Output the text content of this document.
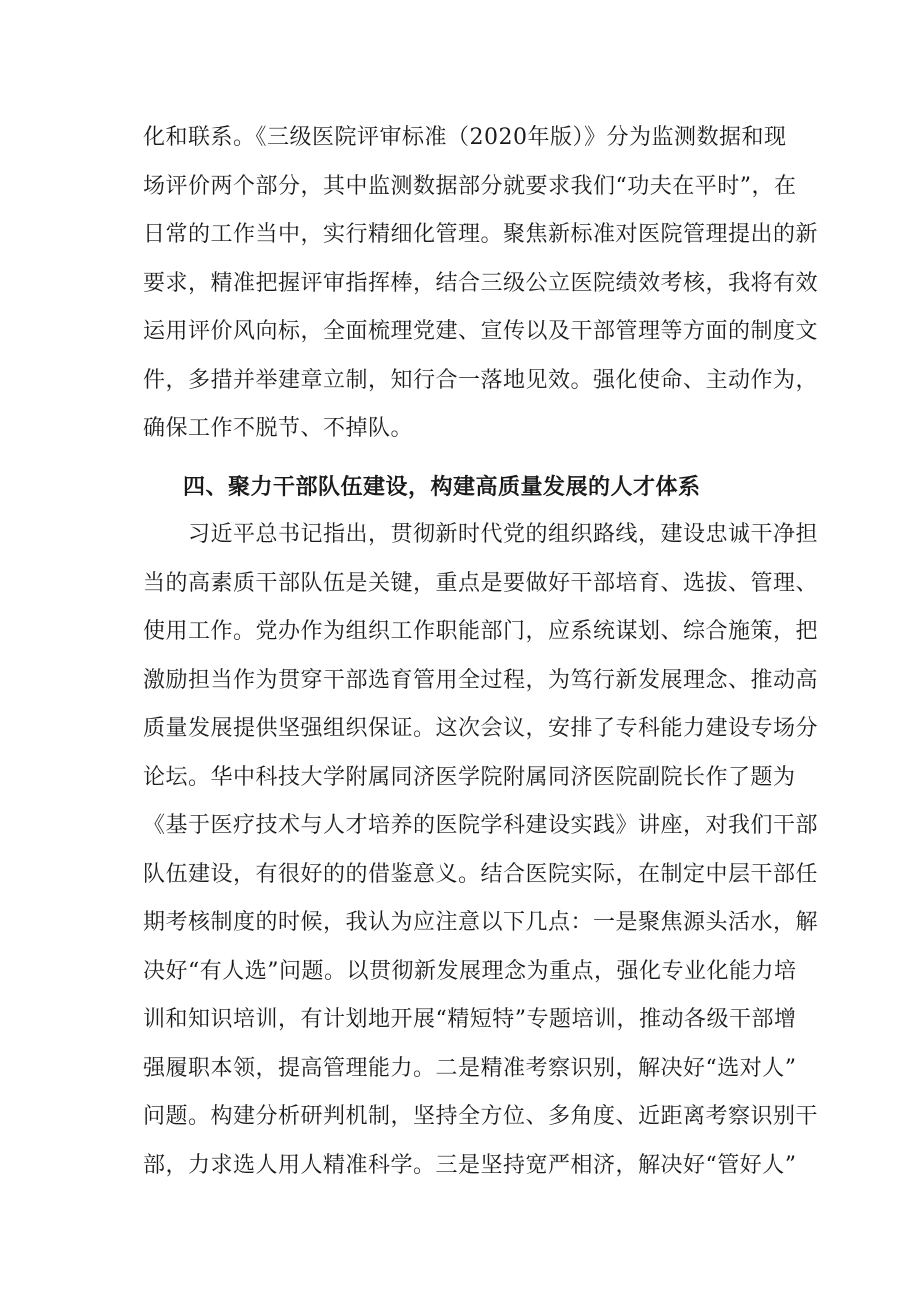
化和联系。《三级医院评审标准（2020年版）》分为监测数据和现
场评价两个部分，其中监测数据部分就要求我们“功夫在平时”，在
日常的工作当中，实行精细化管理。聚焦新标准对医院管理提出的新
要求，精准把握评审指挥棒，结合三级公立医院绩效考核，我将有效
运用评价风向标，全面梳理党建、宣传以及干部管理等方面的制度文
件，多措并举建章立制，知行合一落地见效。强化使命、主动作为，
确保工作不脱节、不掉队。
四、聚力干部队伍建设，构建高质量发展的人才体系
　　习近平总书记指出，贯彻新时代党的组织路线，建设忠诚干净担
当的高素质干部队伍是关键，重点是要做好干部培育、选拔、管理、
使用工作。党办作为组织工作职能部门，应系统谋划、综合施策，把
激励担当作为贯穿干部选育管用全过程，为笃行新发展理念、推动高
质量发展提供坚强组织保证。这次会议，安排了专科能力建设专场分
论坛。华中科技大学附属同济医学院附属同济医院副院长作了题为
《基于医疗技术与人才培养的医院学科建设实践》讲座，对我们干部
队伍建设，有很好的的借鉴意义。结合医院实际，在制定中层干部任
期考核制度的时候，我认为应注意以下几点：一是聚焦源头活水，解
决好“有人选”问题。以贯彻新发展理念为重点，强化专业化能力培
训和知识培训，有计划地开展“精短特”专题培训，推动各级干部增
强履职本领，提高管理能力。二是精准考察识别，解决好“选对人”
问题。构建分析研判机制，坚持全方位、多角度、近距离考察识别干
部，力求选人用人精准科学。三是坚持宽严相济，解决好“管好人”
